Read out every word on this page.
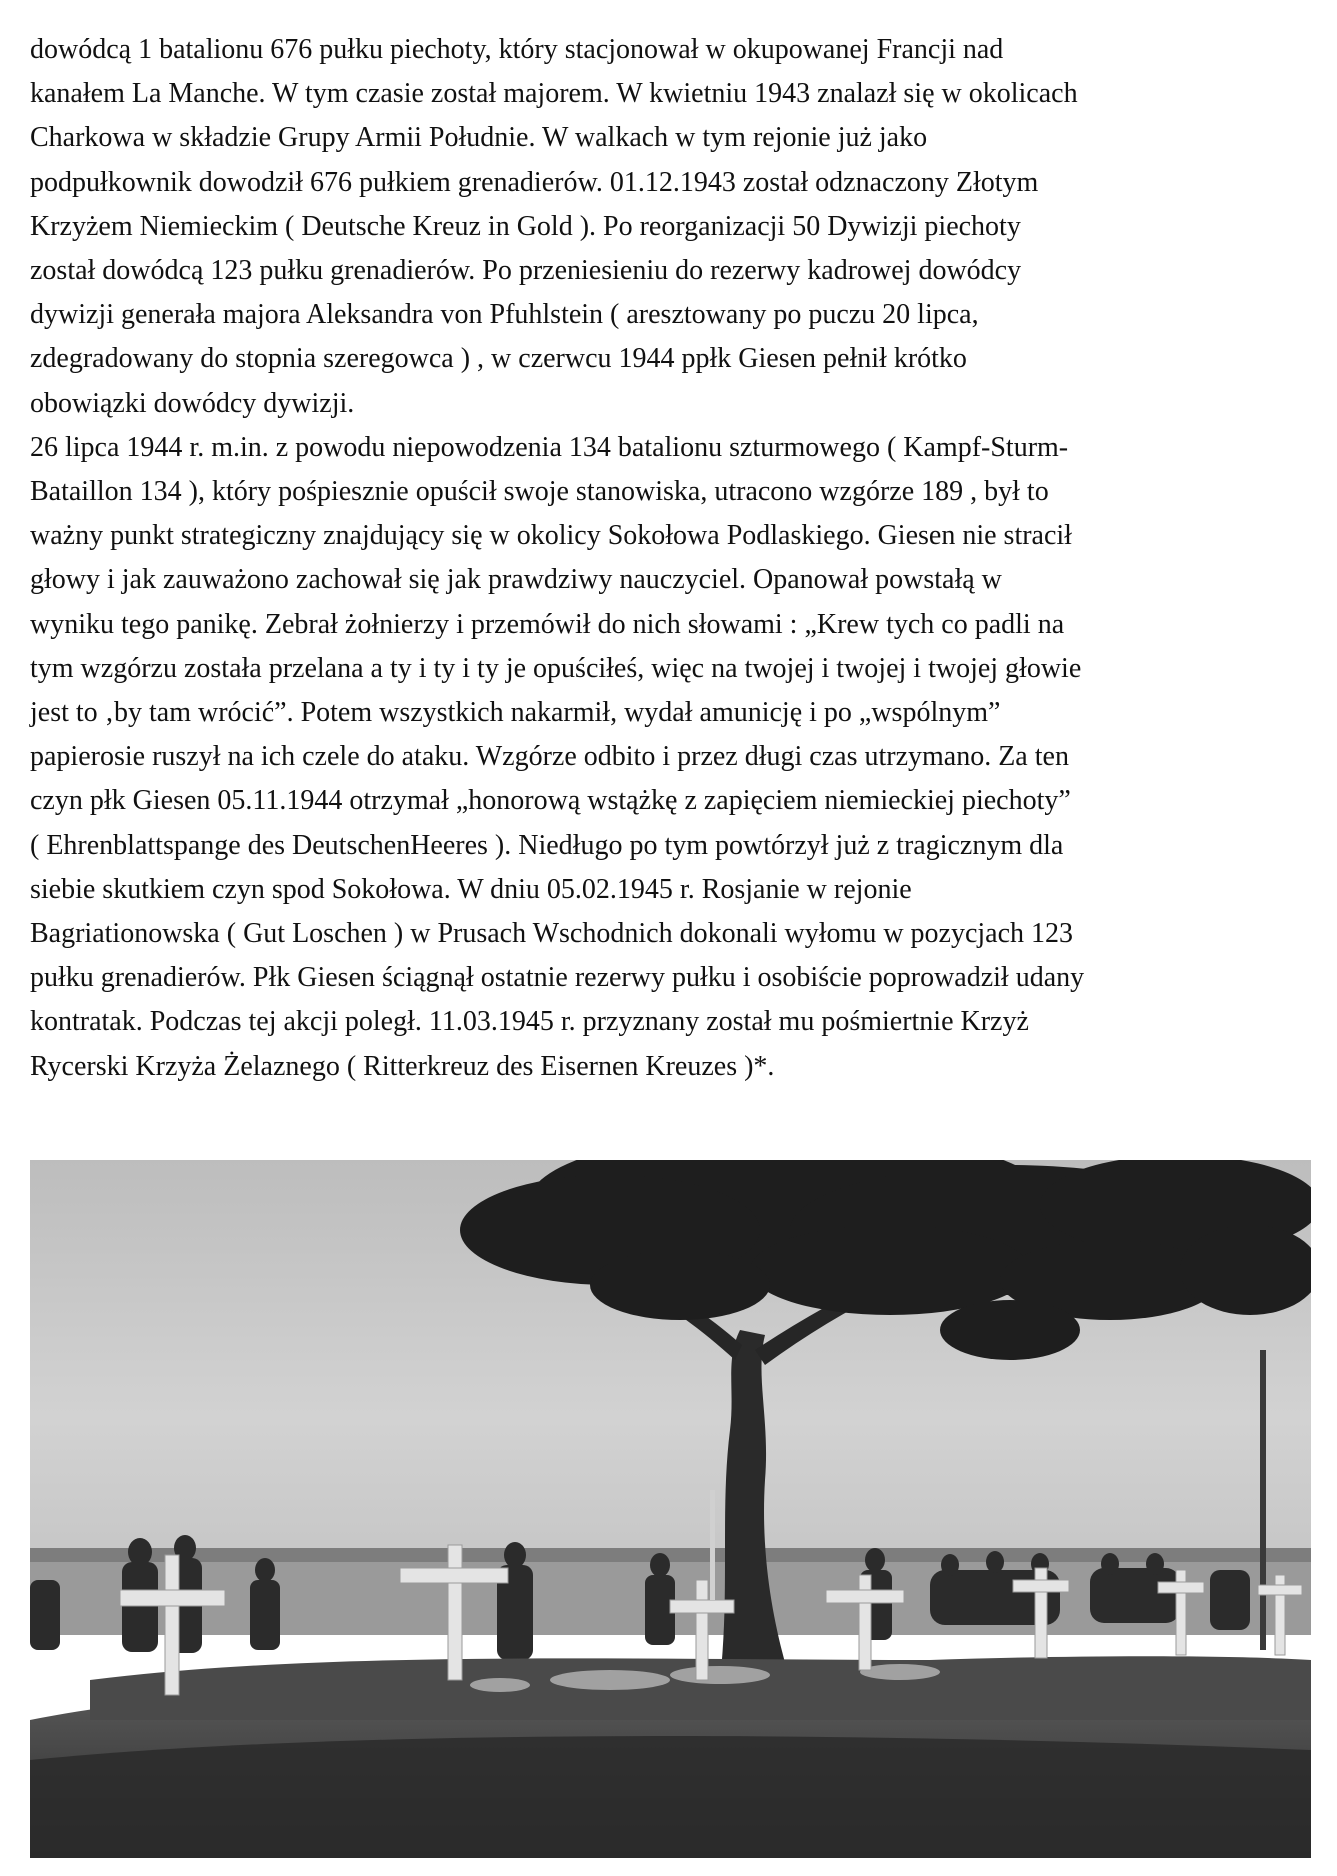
dowódcą 1 batalionu 676 pułku piechoty, który stacjonował w okupowanej Francji nad
kanałem La Manche. W tym czasie został majorem. W kwietniu 1943 znalazł się w okolicach
Charkowa w składzie Grupy Armii Południe. W walkach w tym rejonie już jako
podpułkownik dowodził 676 pułkiem grenadierów. 01.12.1943 został odznaczony Złotym
Krzyżem Niemieckim ( Deutsche Kreuz in Gold ). Po reorganizacji 50 Dywizji piechoty
został dowódcą 123 pułku grenadierów. Po przeniesieniu do rezerwy kadrowej dowódcy
dywizji generała majora Aleksandra von Pfuhlstein ( aresztowany po puczu 20 lipca,
zdegradowany do stopnia szeregowca ) , w czerwcu 1944 ppłk Giesen pełnił krótko
obowiązki dowódcy dywizji.
26 lipca 1944 r. m.in. z powodu niepowodzenia 134 batalionu szturmowego ( Kampf-Sturm-
Bataillon 134 ), który pośpiesznie opuścił swoje stanowiska, utracono wzgórze 189 , był to
ważny punkt strategiczny znajdujący się w okolicy Sokołowa Podlaskiego. Giesen nie stracił
głowy i jak zauważono zachował się jak prawdziwy nauczyciel. Opanował powstałą w
wyniku tego panikę. Zebrał żołnierzy i przemówił do nich słowami : „Krew tych co padli na
tym wzgórzu została przelana a ty i ty i ty je opuściłeś, więc na twojej i twojej i twojej głowie
jest to ‚by tam wrócić”. Potem wszystkich nakarmił, wydał amunicję i po „wspólnym”
papierosie ruszył na ich czele do ataku. Wzgórze odbito i przez długi czas utrzymano. Za ten
czyn płk Giesen 05.11.1944 otrzymał „honorową wstążkę z zapięciem niemieckiej piechoty”
( Ehrenblattspange des DeutschenHeeres ). Niedługo po tym powtórzył już z tragicznym dla
siebie skutkiem czyn spod Sokołowa. W dniu 05.02.1945 r. Rosjanie w rejonie
Bagriationowska ( Gut Loschen ) w Prusach Wschodnich dokonali wyłomu w pozycjach 123
pułku grenadierów. Płk Giesen ściągnął ostatnie rezerwy pułku i osobiście poprowadził udany
kontratak. Podczas tej akcji poległ. 11.03.1945 r. przyznany został mu pośmiertnie Krzyż
Rycerski Krzyża Żelaznego ( Ritterkreuz des Eisernen Kreuzes )*.
